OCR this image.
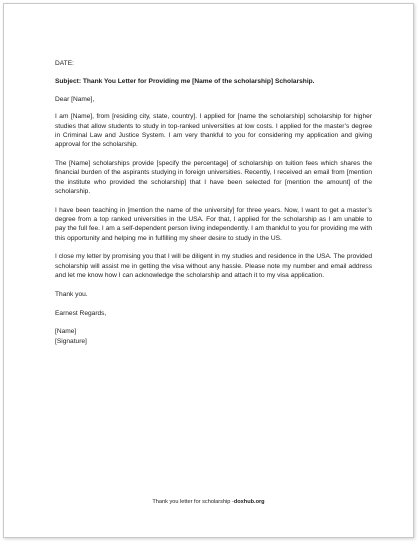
DATE:

Subject: Thank You Letter for Providing me [Name of the scholarship] Scholarship.

Dear [Name],

I am [Name], from [residing city, state, country]. I applied for [name the scholarship] scholarship for higher studies that allow students to study in top-ranked universities at low costs. I applied for the master’s degree in Criminal Law and Justice System. I am very thankful to you for considering my application and giving approval for the scholarship.

The [Name] scholarships provide [specify the percentage] of scholarship on tuition fees which shares the financial burden of the aspirants studying in foreign universities. Recently, I received an email from [mention the institute who provided the scholarship] that I have been selected for [mention the amount] of the scholarship.

I have been teaching in [mention the name of the university] for three years. Now, I want to get a master’s degree from a top ranked universities in the USA. For that, I applied for the scholarship as I am unable to pay the full fee. I am a self-dependent person living independently. I am thankful to you for providing me with this opportunity and helping me in fulfilling my sheer desire to study in the US.

I close my letter by promising you that I will be diligent in my studies and residence in the USA. The provided scholarship will assist me in getting the visa without any hassle. Please note my number and email address and let me know how I can acknowledge the scholarship and attach it to my visa application.

Thank you.

Earnest Regards,

[Name]

[Signature]

Thank you letter for scholarship -doxhub.org
